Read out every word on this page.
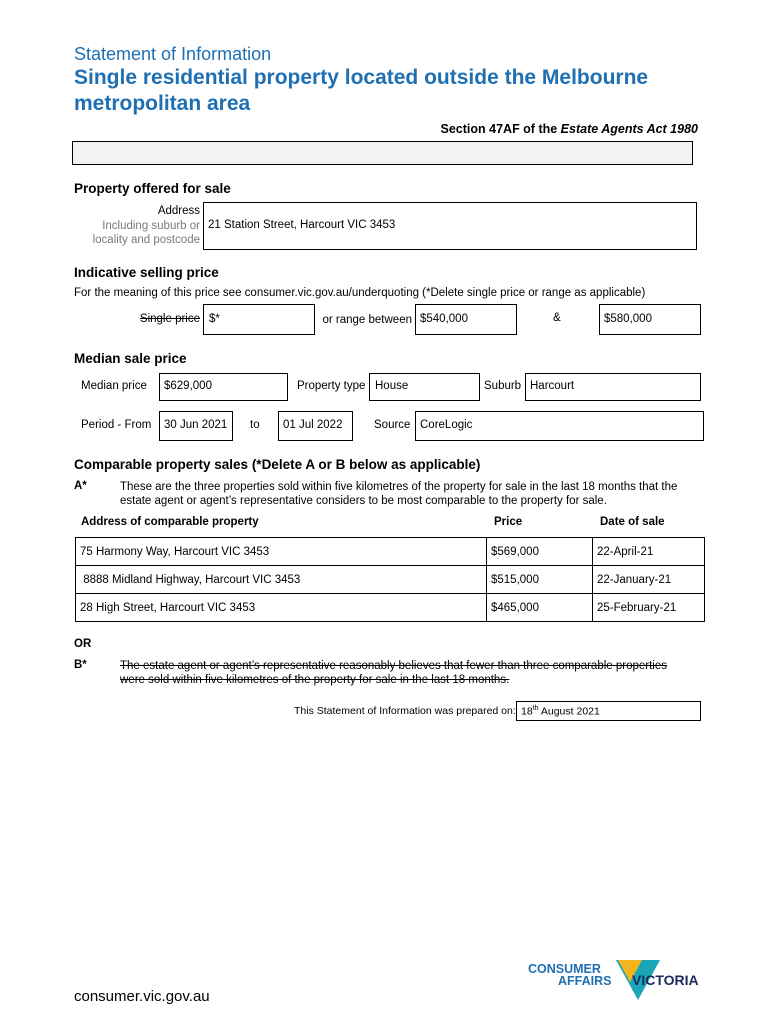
Statement of Information
Single residential property located outside the Melbourne metropolitan area
Section 47AF of the Estate Agents Act 1980
Property offered for sale
Address
Including suburb or
locality and postcode
21 Station Street, Harcourt VIC 3453
Indicative selling price
For the meaning of this price see consumer.vic.gov.au/underquoting (*Delete single price or range as applicable)
Single price $*	or range between $540,000	&	$580,000
Median sale price
Median price $629,000	Property type House	Suburb Harcourt
Period - From 30 Jun 2021 to 01 Jul 2022	Source CoreLogic
Comparable property sales (*Delete A or B below as applicable)
A*	These are the three properties sold within five kilometres of the property for sale in the last 18 months that the
estate agent or agent’s representative considers to be most comparable to the property for sale.
Address of comparable property	Price	Date of sale
75 Harmony Way, Harcourt VIC 3453	$569,000	22-April-21
8888 Midland Highway, Harcourt VIC 3453	$515,000	22-January-21
28 High Street, Harcourt VIC 3453	$465,000	25-February-21
OR
B*	The estate agent or agent’s representative reasonably believes that fewer than three comparable properties
were sold within five kilometres of the property for sale in the last 18 months.
This Statement of Information was prepared on: 18th August 2021
consumer.vic.gov.au
CONSUMER
AFFAIRS VICTORIA
